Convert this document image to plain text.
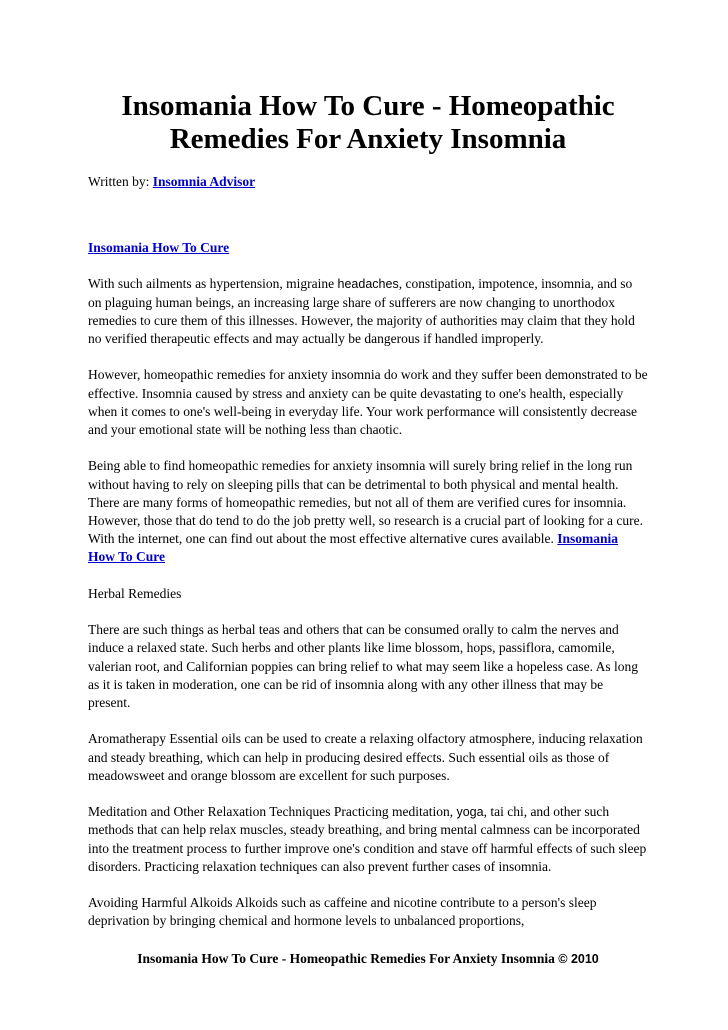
Insomania How To Cure - Homeopathic Remedies For Anxiety Insomnia
Written by: Insomnia Advisor

Insomania How To Cure

With such ailments as hypertension, migraine headaches, constipation, impotence, insomnia, and so on plaguing human beings, an increasing large share of sufferers are now changing to unorthodox remedies to cure them of this illnesses. However, the majority of authorities may claim that they hold no verified therapeutic effects and may actually be dangerous if handled improperly.

However, homeopathic remedies for anxiety insomnia do work and they suffer been demonstrated to be effective. Insomnia caused by stress and anxiety can be quite devastating to one's health, especially when it comes to one's well-being in everyday life. Your work performance will consistently decrease and your emotional state will be nothing less than chaotic.

Being able to find homeopathic remedies for anxiety insomnia will surely bring relief in the long run without having to rely on sleeping pills that can be detrimental to both physical and mental health. There are many forms of homeopathic remedies, but not all of them are verified cures for insomnia. However, those that do tend to do the job pretty well, so research is a crucial part of looking for a cure. With the internet, one can find out about the most effective alternative cures available. Insomania How To Cure

Herbal Remedies

There are such things as herbal teas and others that can be consumed orally to calm the nerves and induce a relaxed state. Such herbs and other plants like lime blossom, hops, passiflora, camomile, valerian root, and Californian poppies can bring relief to what may seem like a hopeless case. As long as it is taken in moderation, one can be rid of insomnia along with any other illness that may be present.

Aromatherapy Essential oils can be used to create a relaxing olfactory atmosphere, inducing relaxation and steady breathing, which can help in producing desired effects. Such essential oils as those of meadowsweet and orange blossom are excellent for such purposes.

Meditation and Other Relaxation Techniques Practicing meditation, yoga, tai chi, and other such methods that can help relax muscles, steady breathing, and bring mental calmness can be incorporated into the treatment process to further improve one's condition and stave off harmful effects of such sleep disorders. Practicing relaxation techniques can also prevent further cases of insomnia.

Avoiding Harmful Alkoids Alkoids such as caffeine and nicotine contribute to a person's sleep deprivation by bringing chemical and hormone levels to unbalanced proportions,

Insomania How To Cure - Homeopathic Remedies For Anxiety Insomnia © 2010
